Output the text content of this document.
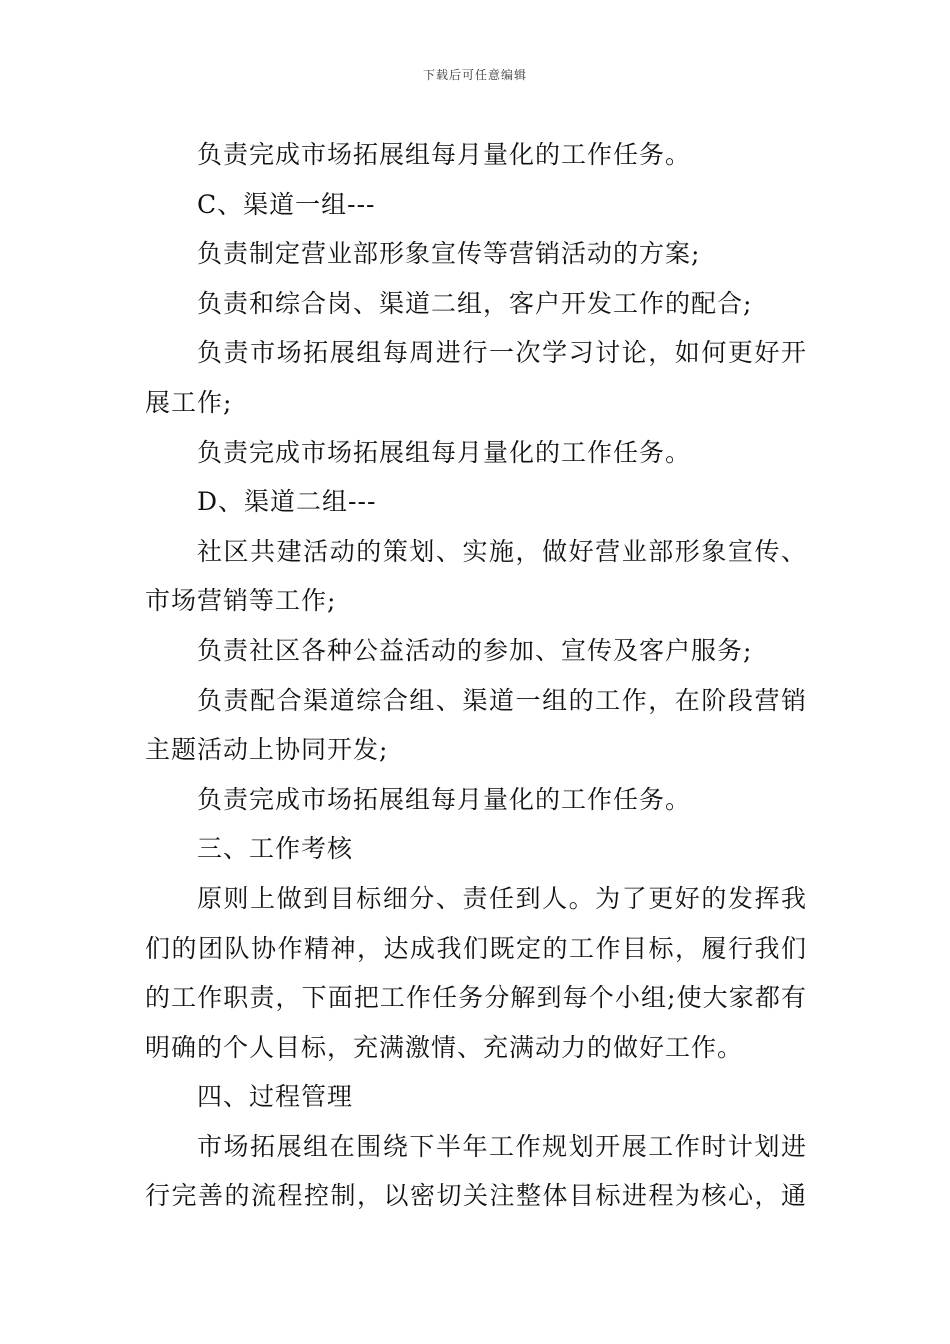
下载后可任意编辑

负责完成市场拓展组每月量化的工作任务。

C、渠道一组---

负责制定营业部形象宣传等营销活动的方案;

负责和综合岗、渠道二组，客户开发工作的配合;

负责市场拓展组每周进行一次学习讨论，如何更好开展工作;

负责完成市场拓展组每月量化的工作任务。

D、渠道二组---

社区共建活动的策划、实施，做好营业部形象宣传、市场营销等工作;

负责社区各种公益活动的参加、宣传及客户服务;

负责配合渠道综合组、渠道一组的工作，在阶段营销主题活动上协同开发;

负责完成市场拓展组每月量化的工作任务。

三、工作考核

原则上做到目标细分、责任到人。为了更好的发挥我们的团队协作精神，达成我们既定的工作目标，履行我们的工作职责，下面把工作任务分解到每个小组;使大家都有明确的个人目标，充满激情、充满动力的做好工作。

四、过程管理

市场拓展组在围绕下半年工作规划开展工作时计划进行完善的流程控制，以密切关注整体目标进程为核心，通
